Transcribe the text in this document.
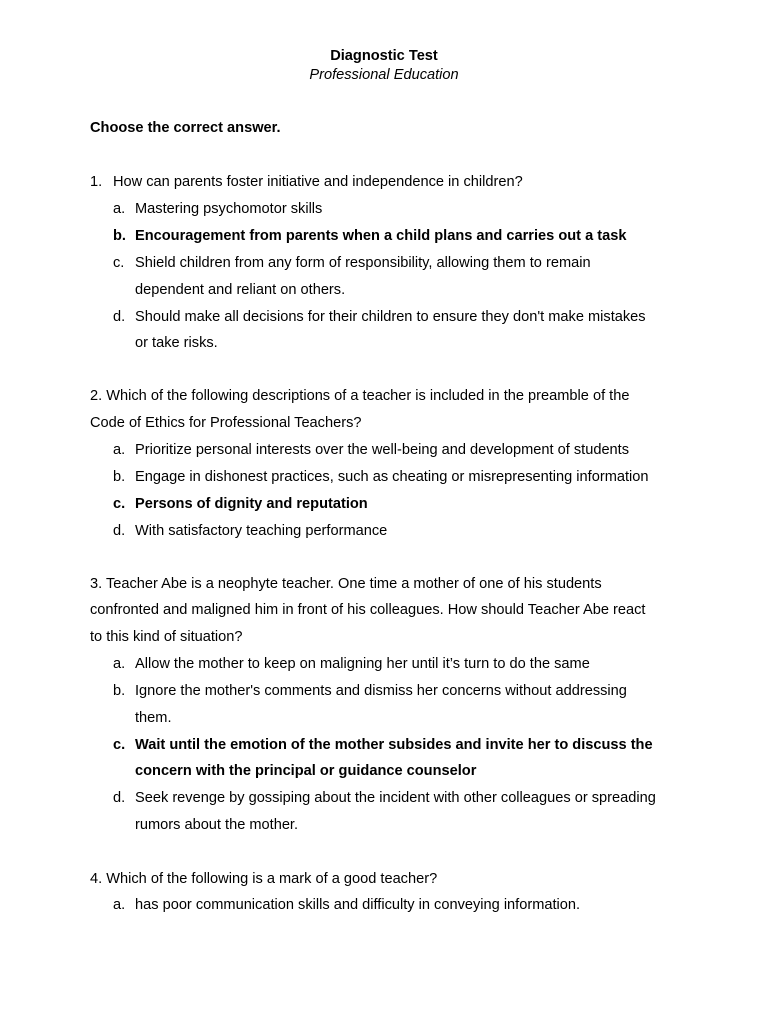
Diagnostic Test
Professional Education
Choose the correct answer.
1. How can parents foster initiative and independence in children?
a. Mastering psychomotor skills
b. Encouragement from parents when a child plans and carries out a task
c. Shield children from any form of responsibility, allowing them to remain
dependent and reliant on others.
d. Should make all decisions for their children to ensure they don't make mistakes
or take risks.
2. Which of the following descriptions of a teacher is included in the preamble of the
Code of Ethics for Professional Teachers?
a. Prioritize personal interests over the well-being and development of students
b. Engage in dishonest practices, such as cheating or misrepresenting information
c. Persons of dignity and reputation
d. With satisfactory teaching performance
3. Teacher Abe is a neophyte teacher. One time a mother of one of his students
confronted and maligned him in front of his colleagues. How should Teacher Abe react
to this kind of situation?
a. Allow the mother to keep on maligning her until it’s turn to do the same
b. Ignore the mother's comments and dismiss her concerns without addressing
them.
c. Wait until the emotion of the mother subsides and invite her to discuss the
concern with the principal or guidance counselor
d. Seek revenge by gossiping about the incident with other colleagues or spreading
rumors about the mother.
4. Which of the following is a mark of a good teacher?
a. has poor communication skills and difficulty in conveying information.
